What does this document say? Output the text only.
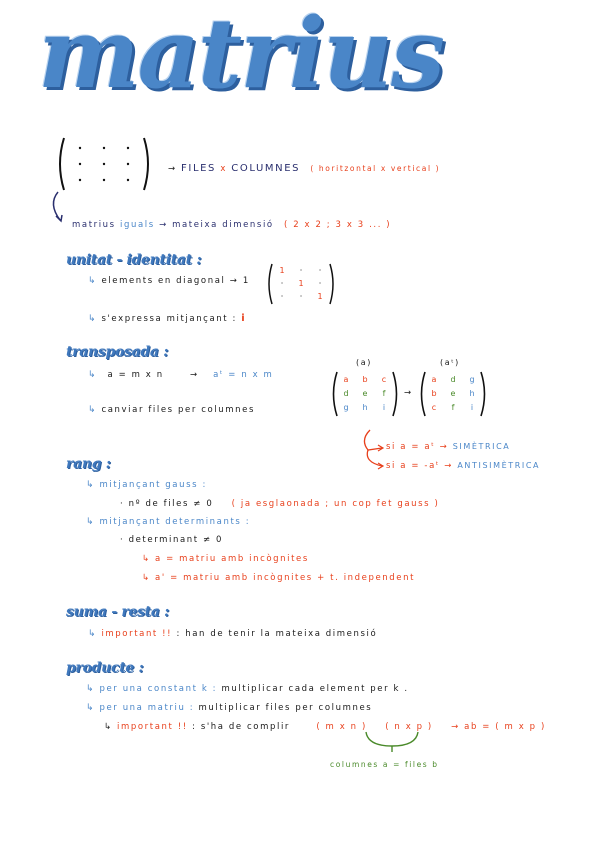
matrius
→ FILES x COLUMNES ( horitzontal x vertical )
matrius iguals → mateixa dimensió ( 2 x 2 ; 3 x 3 ... )
unitat - identitat :
↳ elements en diagonal → 1
1	·	·
·	1	·
·	·	1
↳ s'expressa mitjançant : i
transposada :
↳ a = m x n	→ aᵗ = n x m
↳ canviar files per columnes
(a)	(aᵗ)
a	b	c
d	e	f
g	h	i
→
a	d	g
b	e	h
c	f	i
si a = aᵗ → SIMÈTRICA
si a = -aᵗ → ANTISIMÈTRICA
rang :
↳ mitjançant gauss :
· nº de files ≠ 0 ( ja esglaonada ; un cop fet gauss )
↳ mitjançant determinants :
· determinant ≠ 0
↳ a = matriu amb incògnites
↳ a' = matriu amb incògnites + t. independent
suma - resta :
↳ important !! : han de tenir la mateixa dimensió
producte :
↳ per una constant k : multiplicar cada element per k .
↳ per una matriu : multiplicar files per columnes
↳ important !! : s'ha de complir	( m x n ) ( n x p ) → ab = ( m x p )
columnes a = files b
